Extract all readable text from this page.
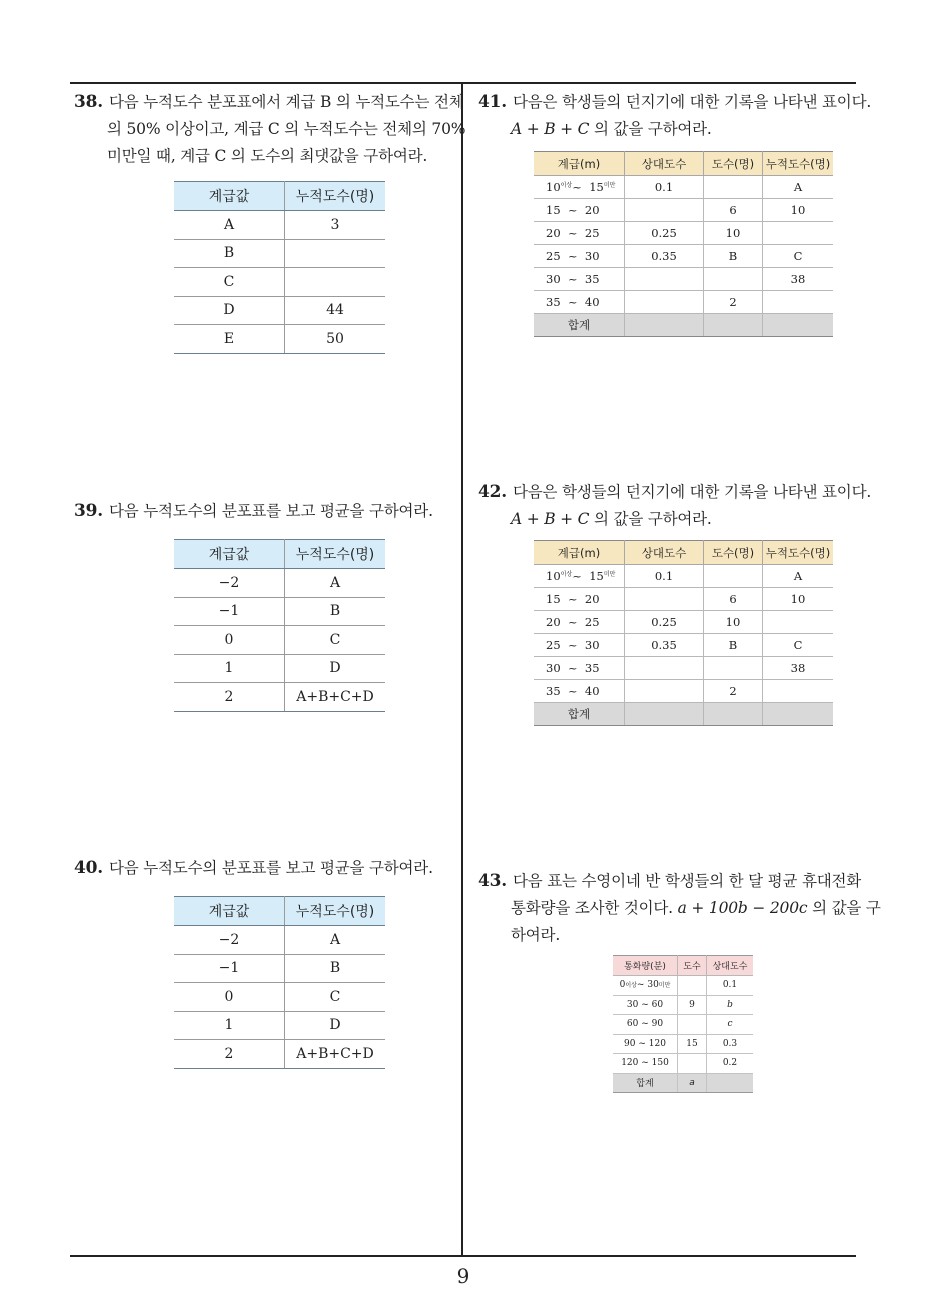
9
38. 다음 누적도수 분포표에서 계급 B 의 누적도수는 전체
의 50% 이상이고, 계급 C 의 누적도수는 전체의 70%
미만일 때, 계급 C 의 도수의 최댓값을 구하여라.
계급값	누적도수(명)
A	3
B	
C	
D	44
E	50
39. 다음 누적도수의 분포표를 보고 평균을 구하여라.
계급값	누적도수(명)
−2	A
−1	B
0	C
1	D
2	A+B+C+D
40. 다음 누적도수의 분포표를 보고 평균을 구하여라.
계급값	누적도수(명)
−2	A
−1	B
0	C
1	D
2	A+B+C+D
41. 다음은 학생들의 던지기에 대한 기록을 나타낸 표이다.
A + B + C 의 값을 구하여라.
계급(m)	상대도수	도수(명)	누적도수(명)
$10^{이상}\sim$ $15^{미만}$	0.1		A
15  ~  20		6	10
20  ~  25	0.25	10	
25  ~  30	0.35	B	C
30  ~  35			38
35  ~  40		2	
합계			
42. 다음은 학생들의 던지기에 대한 기록을 나타낸 표이다.
A + B + C 의 값을 구하여라.
계급(m)	상대도수	도수(명)	누적도수(명)
$10^{이상}\sim$ $15^{미만}$	0.1		A
15  ~  20		6	10
20  ~  25	0.25	10	
25  ~  30	0.35	B	C
30  ~  35			38
35  ~  40		2	
합계			
43. 다음 표는 수영이네 반 학생들의 한 달 평균 휴대전화
통화량을 조사한 것이다. a + 100b − 200c 의 값을 구
하여라.
통화량(분)	도수	상대도수
$0^{이상}\sim$ $30^{미만}$		0.1
30 ~ 60	9	b
60 ~ 90		c
90 ~ 120	15	0.3
120 ~ 150		0.2
합계	a	
